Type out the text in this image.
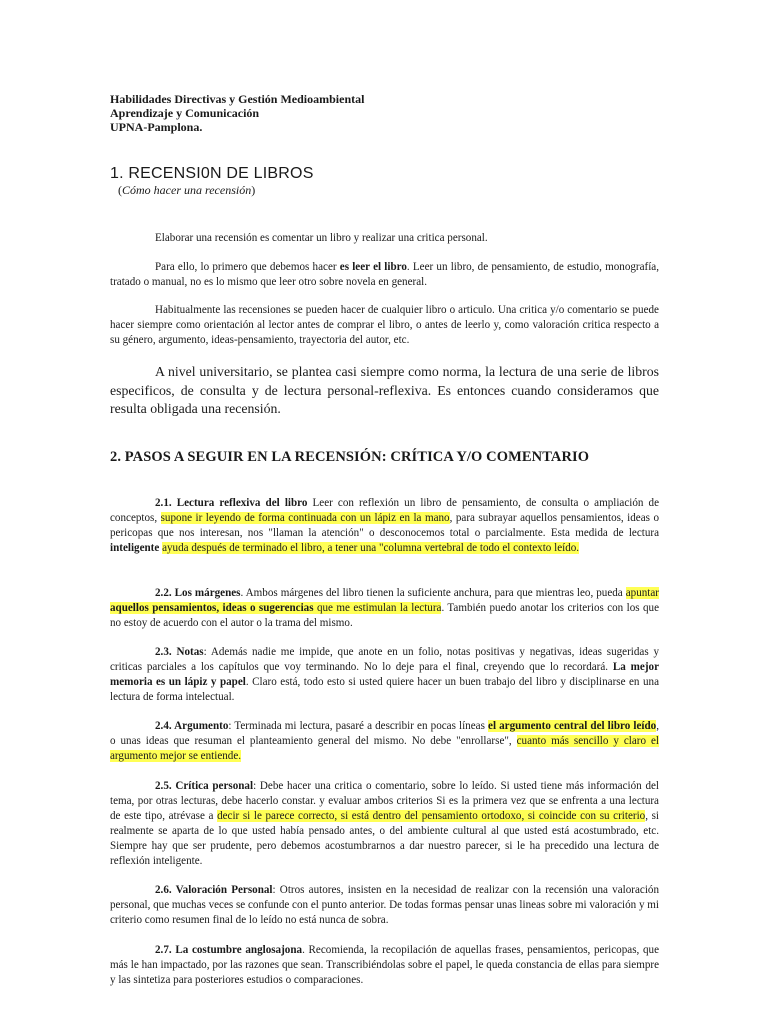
Habilidades Directivas y Gestión Medioambiental
Aprendizaje y Comunicación
UPNA-Pamplona.
1. RECENSI0N DE LIBROS
(Cómo hacer una recensión)

Elaborar una recensión es comentar un libro y realizar una critica personal.

Para ello, lo primero que debemos hacer es leer el libro. Leer un libro, de pensamiento, de estudio, monografía, tratado o manual, no es lo mismo que leer otro sobre novela en general.

Habitualmente las recensiones se pueden hacer de cualquier libro o articulo. Una critica y/o comentario se puede hacer siempre como orientación al lector antes de comprar el libro, o antes de leerlo y, como valoración critica respecto a su género, argumento, ideas-pensamiento, trayectoria del autor, etc.

A nivel universitario, se plantea casi siempre como norma, la lectura de una serie de libros especificos, de consulta y de lectura personal-reflexiva. Es entonces cuando consideramos que resulta obligada una recensión.

2. PASOS A SEGUIR EN LA RECENSIÓN: CRÍTICA Y/O COMENTARIO

2.1. Lectura reflexiva del libro Leer con reflexión un libro de pensamiento, de consulta o ampliación de conceptos, supone ir leyendo de forma continuada con un lápiz en la mano, para subrayar aquellos pensamientos, ideas o pericopas que nos interesan, nos "llaman la atención" o desconocemos total o parcialmente. Esta medida de lectura inteligente ayuda después de terminado el libro, a tener una "columna vertebral de todo el contexto leído.

2.2. Los márgenes. Ambos márgenes del libro tienen la suficiente anchura, para que mientras leo, pueda apuntar aquellos pensamientos, ideas o sugerencias que me estimulan la lectura. También puedo anotar los criterios con los que no estoy de acuerdo con el autor o la trama del mismo.

2.3. Notas: Además nadie me impide, que anote en un folio, notas positivas y negativas, ideas sugeridas y criticas parciales a los capítulos que voy terminando. No lo deje para el final, creyendo que lo recordará. La mejor memoria es un lápiz y papel. Claro está, todo esto si usted quiere hacer un buen trabajo del libro y disciplinarse en una lectura de forma intelectual.

2.4. Argumento: Terminada mi lectura, pasaré a describir en pocas líneas el argumento central del libro leído, o unas ideas que resuman el planteamiento general del mismo. No debe "enrollarse", cuanto más sencillo y claro el argumento mejor se entiende.

2.5. Crítica personal: Debe hacer una critica o comentario, sobre lo leído. Si usted tiene más información del tema, por otras lecturas, debe hacerlo constar. y evaluar ambos criterios Si es la primera vez que se enfrenta a una lectura de este tipo, atrévase a decir si le parece correcto, si está dentro del pensamiento ortodoxo, si coincide con su criterio, si realmente se aparta de lo que usted había pensado antes, o del ambiente cultural al que usted está acostumbrado, etc. Siempre hay que ser prudente, pero debemos acostumbrarnos a dar nuestro parecer, si le ha precedido una lectura de reflexión inteligente.

2.6. Valoración Personal: Otros autores, insisten en la necesidad de realizar con la recensión una valoración personal, que muchas veces se confunde con el punto anterior. De todas formas pensar unas lineas sobre mi valoración y mi criterio como resumen final de lo leído no está nunca de sobra.

2.7. La costumbre anglosajona. Recomienda, la recopilación de aquellas frases, pensamientos, pericopas, que más le han impactado, por las razones que sean. Transcribiéndolas sobre el papel, le queda constancia de ellas para siempre y las sintetiza para posteriores estudios o comparaciones.
